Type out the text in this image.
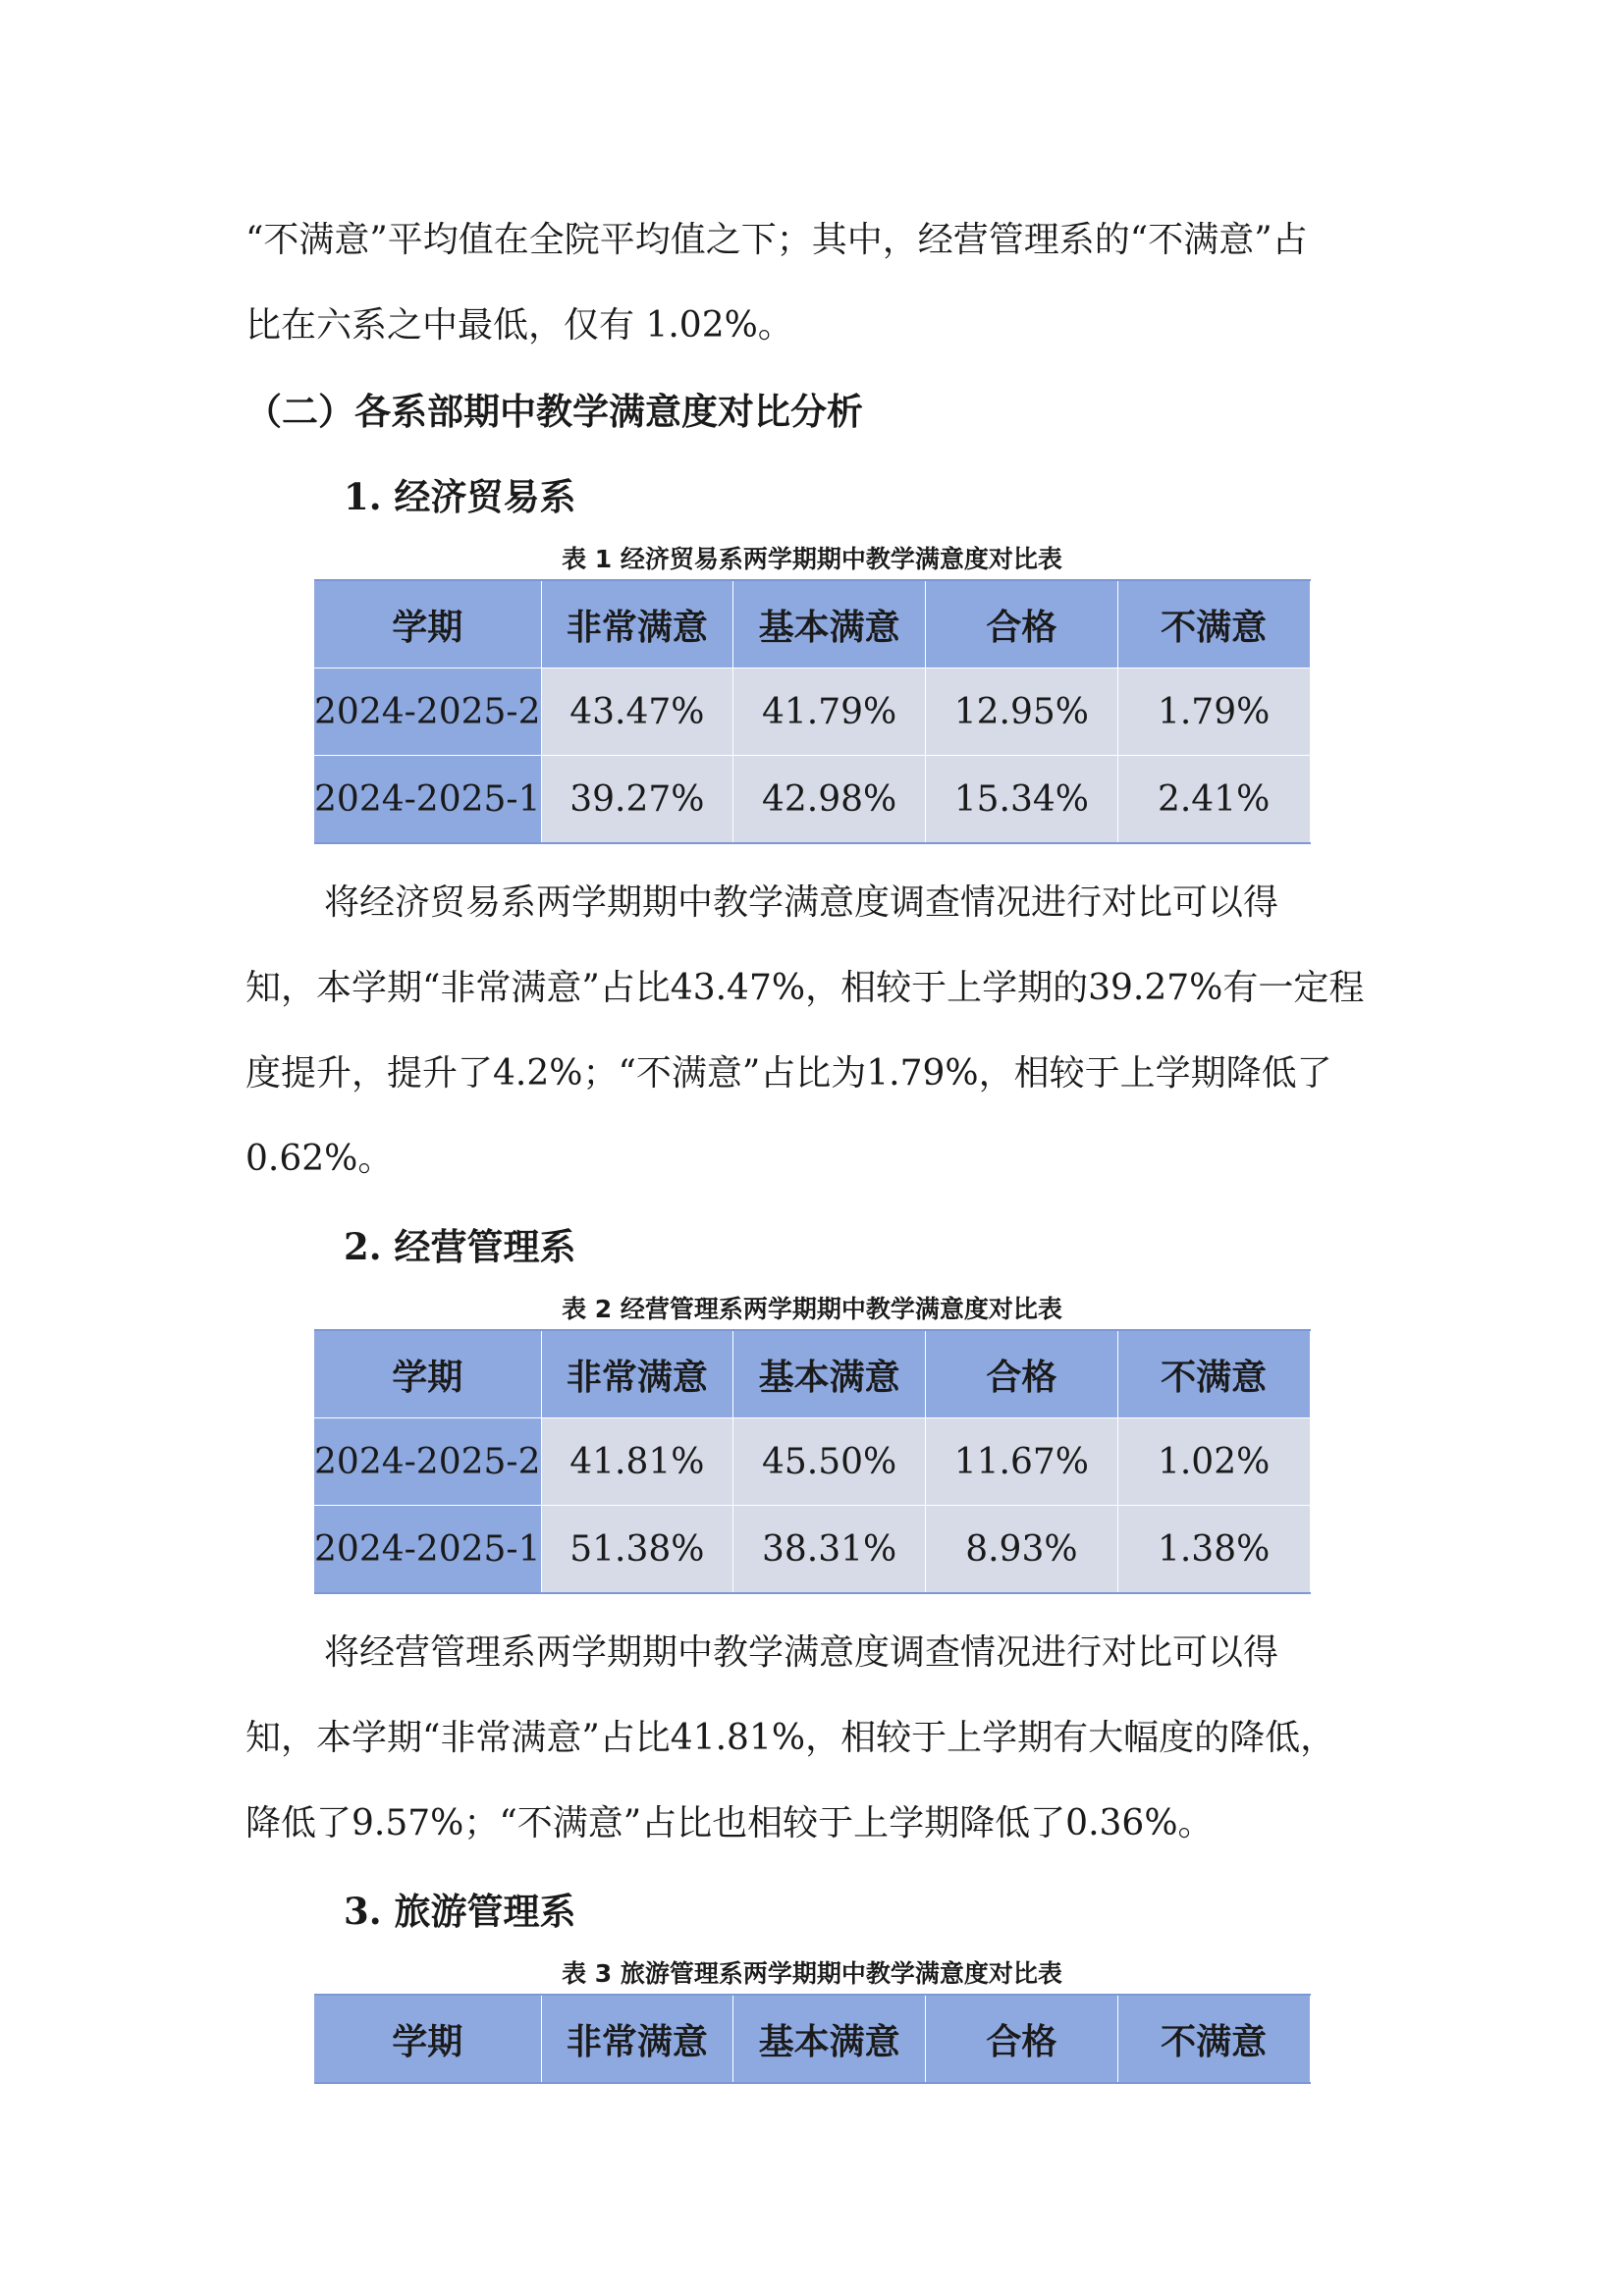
“不满意”平均值在全院平均值之下；其中，经营管理系的“不满意”占
比在六系之中最低，仅有 1.02%。
（二）各系部期中教学满意度对比分析
1. 经济贸易系
表 1 经济贸易系两学期期中教学满意度对比表
学期	非常满意	基本满意	合格	不满意
2024-2025-2	43.47%	41.79%	12.95%	1.79%
2024-2025-1	39.27%	42.98%	15.34%	2.41%
将经济贸易系两学期期中教学满意度调查情况进行对比可以得
知，本学期“非常满意”占比43.47%，相较于上学期的39.27%有一定程
度提升，提升了4.2%；“不满意”占比为1.79%，相较于上学期降低了
0.62%。
2. 经营管理系
表 2 经营管理系两学期期中教学满意度对比表
学期	非常满意	基本满意	合格	不满意
2024-2025-2	41.81%	45.50%	11.67%	1.02%
2024-2025-1	51.38%	38.31%	8.93%	1.38%
将经营管理系两学期期中教学满意度调查情况进行对比可以得
知，本学期“非常满意”占比41.81%，相较于上学期有大幅度的降低，
降低了9.57%；“不满意”占比也相较于上学期降低了0.36%。
3. 旅游管理系
表 3 旅游管理系两学期期中教学满意度对比表
学期	非常满意	基本满意	合格	不满意
